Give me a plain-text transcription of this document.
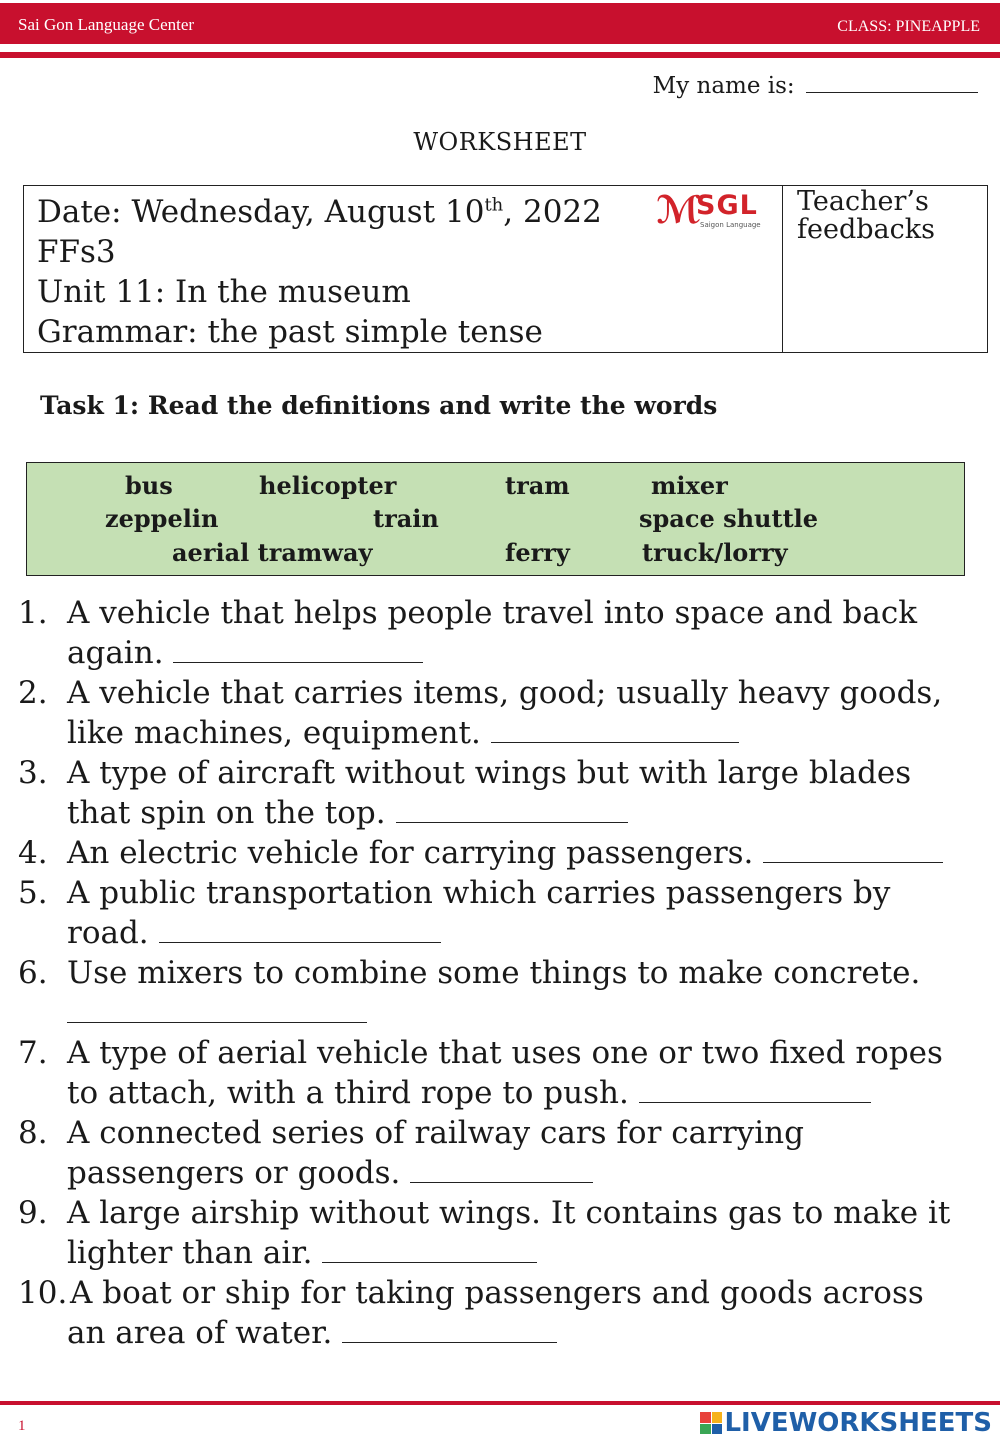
Sai Gon Language Center	CLASS: PINEAPPLE
My name is:
WORKSHEET
Date: Wednesday, August 10th, 2022
FFs3
Unit 11: In the museum
Grammar: the past simple tense
ℳ
SGL
Saigon Language
Teacher’s
feedbacks
Task 1: Read the definitions and write the words
bus	helicopter	tram	mixer
zeppelin	train	space shuttle
aerial tramway	ferry	truck/lorry
1. A vehicle that helps people travel into space and back
again.
2. A vehicle that carries items, good; usually heavy goods,
like machines, equipment.
3. A type of aircraft without wings but with large blades
that spin on the top.
4. An electric vehicle for carrying passengers.
5. A public transportation which carries passengers by
road.
6. Use mixers to combine some things to make concrete.
7. A type of aerial vehicle that uses one or two fixed ropes
to attach, with a third rope to push.
8. A connected series of railway cars for carrying
passengers or goods.
9. A large airship without wings. It contains gas to make it
lighter than air.
10. A boat or ship for taking passengers and goods across
an area of water.
1	LIVEWORKSHEETS
